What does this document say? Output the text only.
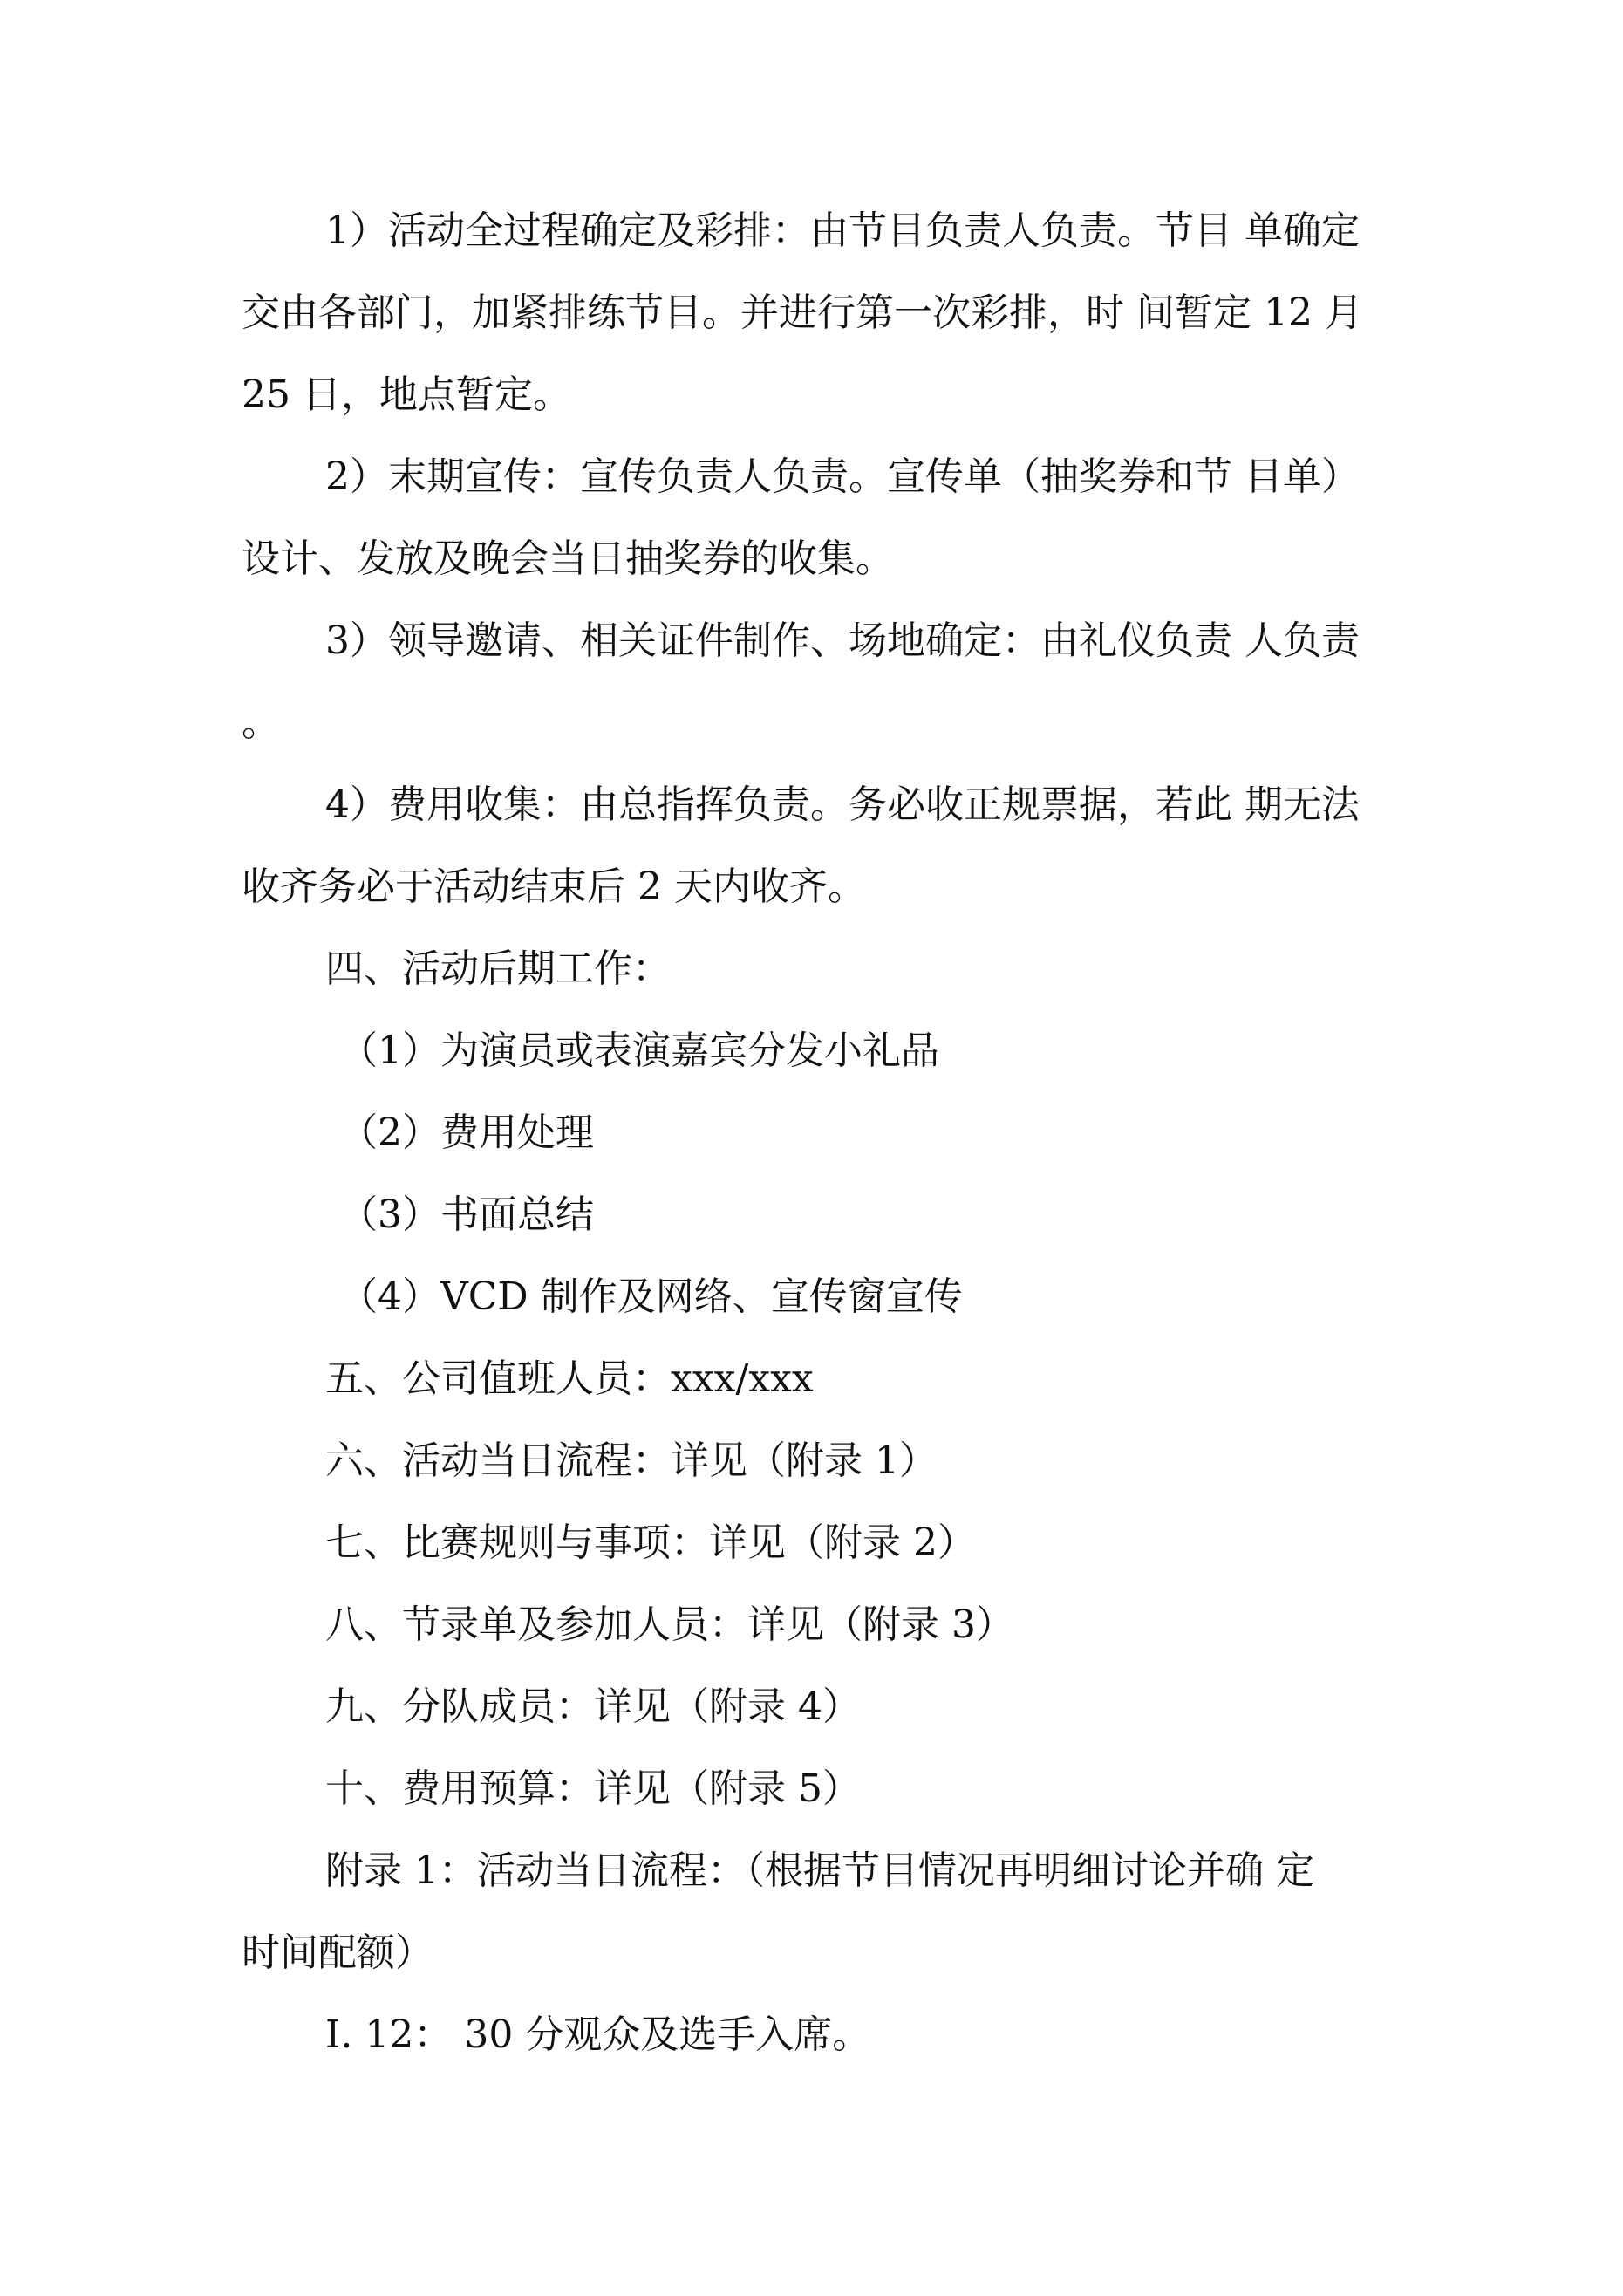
1）活动全过程确定及彩排：由节目负责人负责。节目 单确定
交由各部门，加紧排练节目。并进行第一次彩排，时 间暂定 12 月
25 日，地点暂定。
2）末期宣传：宣传负责人负责。宣传单（抽奖券和节 目单）
设计、发放及晚会当日抽奖券的收集。
3）领导邀请、相关证件制作、场地确定：由礼仪负责 人负责
。
4）费用收集：由总指挥负责。务必收正规票据，若此 期无法
收齐务必于活动结束后 2 天内收齐。
四、活动后期工作：
（1）为演员或表演嘉宾分发小礼品
（2）费用处理
（3）书面总结
（4）VCD 制作及网络、宣传窗宣传
五、公司值班人员：xxx/xxx
六、活动当日流程：详见（附录 1）
七、比赛规则与事项：详见（附录 2）
八、节录单及参加人员：详见（附录 3）
九、分队成员：详见（附录 4）
十、费用预算：详见（附录 5）
附录 1：活动当日流程：（根据节目情况再明细讨论并确 定
时间配额）
I. 12： 30 分观众及选手入席。
